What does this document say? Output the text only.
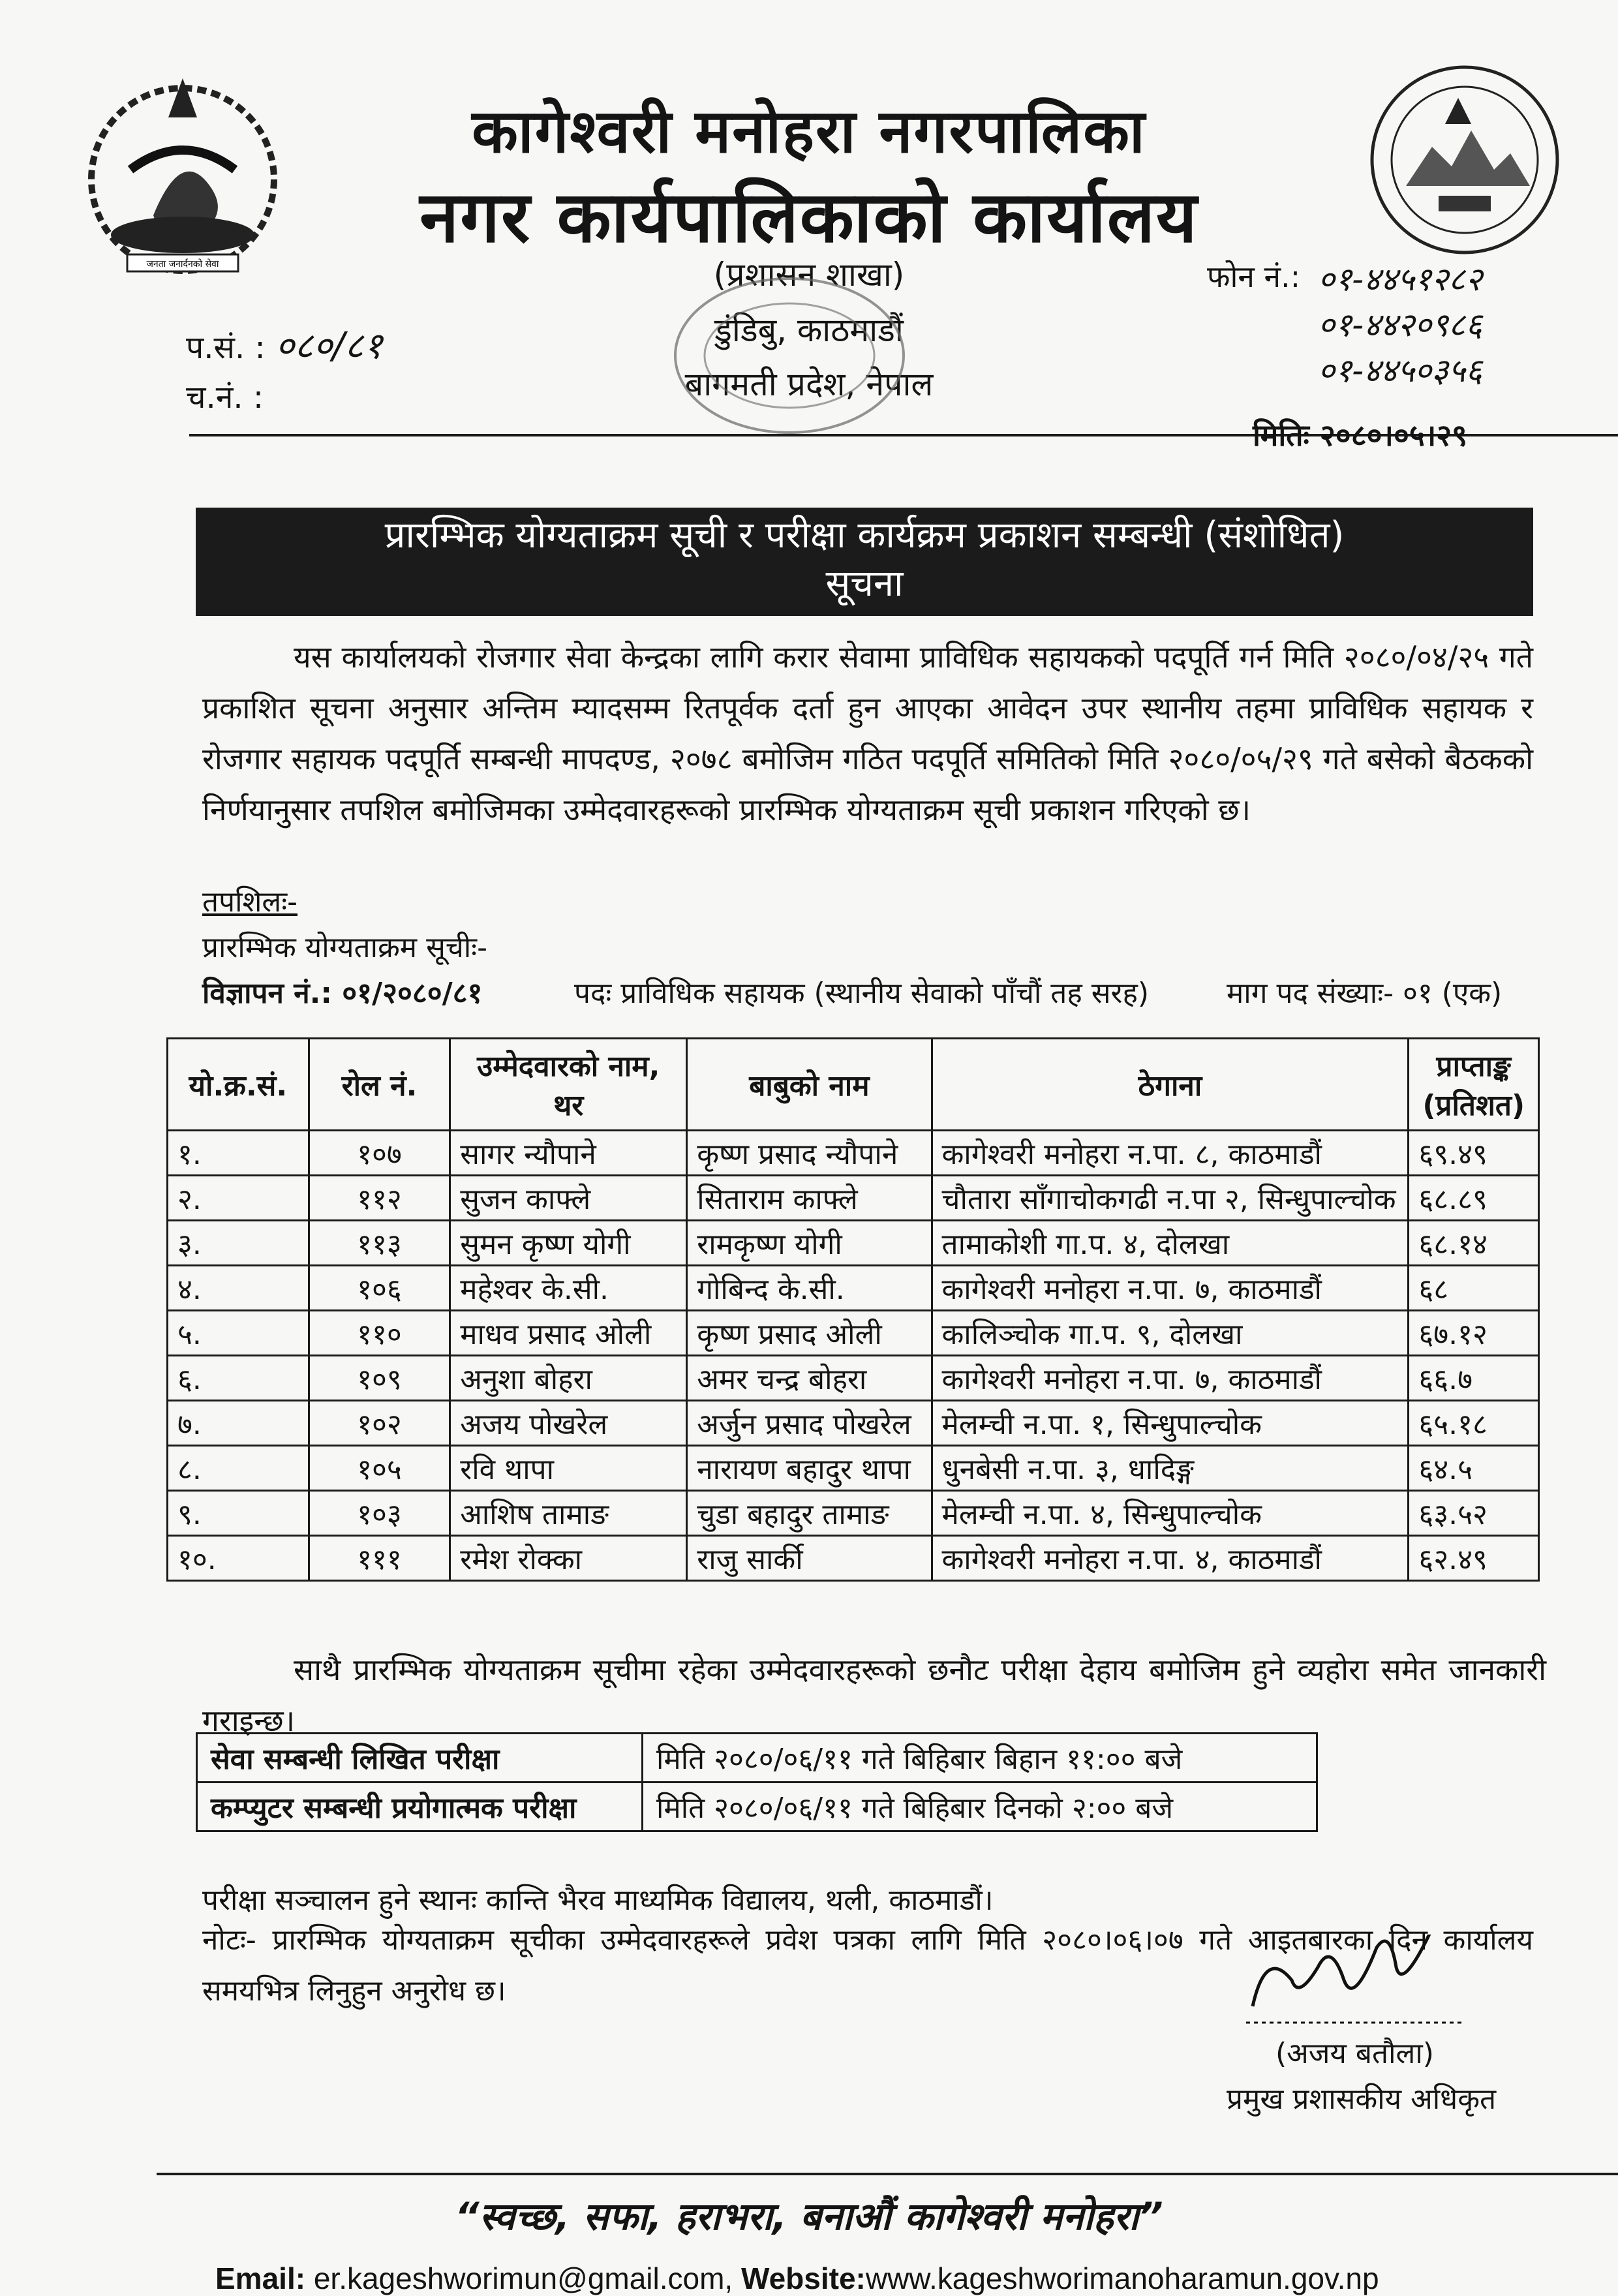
जनता जनार्दनको सेवा
कागेश्वरी मनोहरा नगरपालिका
नगर कार्यपालिकाको कार्यालय
(प्रशासन शाखा)
डुंडिबु, काठमाडौं
बागमती प्रदेश, नेपाल
प.सं. : ०८०/८१
च.नं. :
फोन नं.: ०१-४४५१२८२
०१-४४२०९८६
०१-४४५०३५६
मितिः २०८०।०५।२९
प्रारम्भिक योग्यताक्रम सूची र परीक्षा कार्यक्रम प्रकाशन सम्बन्धी (संशोधित)
सूचना

यस कार्यालयको रोजगार सेवा केन्द्रका लागि करार सेवामा प्राविधिक सहायकको पदपूर्ति गर्न मिति २०८०/०४/२५ गते प्रकाशित सूचना अनुसार अन्तिम म्यादसम्म रितपूर्वक दर्ता हुन आएका आवेदन उपर स्थानीय तहमा प्राविधिक सहायक र रोजगार सहायक पदपूर्ति सम्बन्धी मापदण्ड, २०७८ बमोजिम गठित पदपूर्ति समितिको मिति २०८०/०५/२९ गते बसेको बैठकको निर्णयानुसार तपशिल बमोजिमका उम्मेदवारहरूको प्रारम्भिक योग्यताक्रम सूची प्रकाशन गरिएको छ।

तपशिलः-
प्रारम्भिक योग्यताक्रम सूचीः-
विज्ञापन नं.: ०१/२०८०/८१	पदः प्राविधिक सहायक (स्थानीय सेवाको पाँचौं तह सरह)	माग पद संख्याः- ०१ (एक)
यो.क्र.सं.	रोल नं.	उम्मेदवारको नाम, थर	बाबुको नाम	ठेगाना	प्राप्ताङ्क (प्रतिशत)
१.	१०७	सागर न्यौपाने	कृष्ण प्रसाद न्यौपाने	कागेश्वरी मनोहरा न.पा. ८, काठमाडौं	६९.४९
२.	११२	सुजन काफ्ले	सिताराम काफ्ले	चौतारा साँगाचोकगढी न.पा २, सिन्धुपाल्चोक	६८.८९
३.	११३	सुमन कृष्ण योगी	रामकृष्ण योगी	तामाकोशी गा.प. ४, दोलखा	६८.१४
४.	१०६	महेश्वर के.सी.	गोबिन्द के.सी.	कागेश्वरी मनोहरा न.पा. ७, काठमाडौं	६८
५.	११०	माधव प्रसाद ओली	कृष्ण प्रसाद ओली	कालिञ्चोक गा.प. ९, दोलखा	६७.१२
६.	१०९	अनुशा बोहरा	अमर चन्द्र बोहरा	कागेश्वरी मनोहरा न.पा. ७, काठमाडौं	६६.७
७.	१०२	अजय पोखरेल	अर्जुन प्रसाद पोखरेल	मेलम्ची न.पा. १, सिन्धुपाल्चोक	६५.१८
८.	१०५	रवि थापा	नारायण बहादुर थापा	धुनबेसी न.पा. ३, धादिङ्ग	६४.५
९.	१०३	आशिष तामाङ	चुडा बहादुर तामाङ	मेलम्ची न.पा. ४, सिन्धुपाल्चोक	६३.५२
१०.	१११	रमेश रोक्का	राजु सार्की	कागेश्वरी मनोहरा न.पा. ४, काठमाडौं	६२.४९

साथै प्रारम्भिक योग्यताक्रम सूचीमा रहेका उम्मेदवारहरूको छनौट परीक्षा देहाय बमोजिम हुने व्यहोरा समेत जानकारी गराइन्छ।

सेवा सम्बन्धी लिखित परीक्षा	मिति २०८०/०६/११ गते बिहिबार बिहान ११:०० बजे
कम्प्युटर सम्बन्धी प्रयोगात्मक परीक्षा	मिति २०८०/०६/११ गते बिहिबार दिनको २:०० बजे
परीक्षा सञ्चालन हुने स्थानः कान्ति भैरव माध्यमिक विद्यालय, थली, काठमाडौं।

नोटः- प्रारम्भिक योग्यताक्रम सूचीका उम्मेदवारहरूले प्रवेश पत्रका लागि मिति २०८०।०६।०७ गते आइतबारका दिन कार्यालय समयभित्र लिनुहुन अनुरोध छ।

(अजय बतौला)
प्रमुख प्रशासकीय अधिकृत
“स्वच्छ, सफा, हराभरा, बनाऔं कागेश्वरी मनोहरा”
Email: er.kageshworimun@gmail.com, Website:www.kageshworimanoharamun.gov.np
